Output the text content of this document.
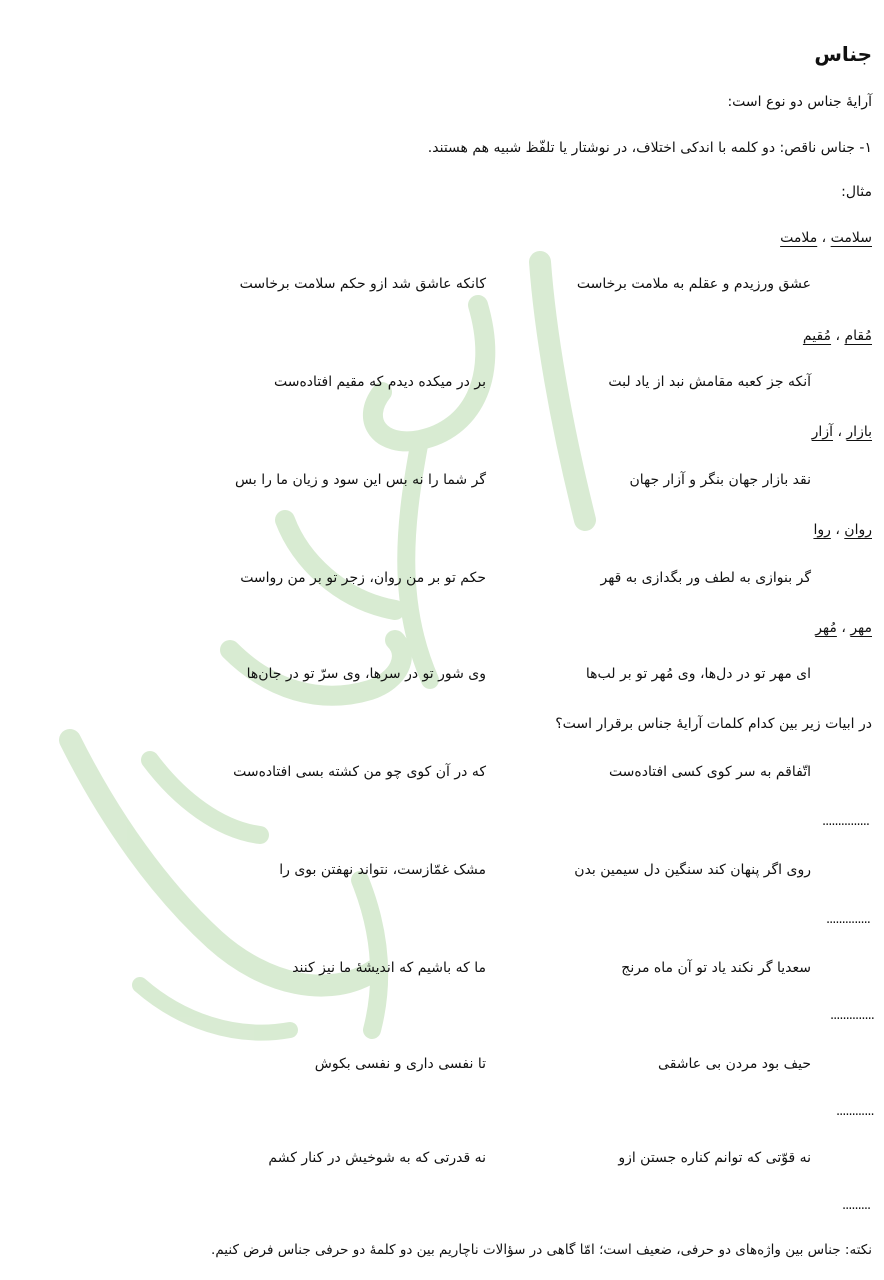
جناس
آرایۀ جناس دو نوع است:
۱- جناس ناقص: دو کلمه با اندکی اختلاف، در نوشتار یا تلفّظ شبیه هم هستند.
مثال:
سلامت ، ملامت
عشق ورزیدم و عقلم به ملامت برخاست
کانکه عاشق شد ازو حکم سلامت برخاست
مُقام ، مُقیم
آنکه جز کعبه مقامش نبد از یاد لبت
بر در میکده دیدم که مقیم افتاده‌ست
بازار ، آزار
نقد بازار جهان بنگر و آزار جهان
گر شما را نه بس این سود و زیان ما را بس
روان ، روا
گر بنوازی به لطف ور بگدازی به قهر
حکم تو بر من روان، زجر تو بر من رواست
مهر ، مُهر
ای مهر تو در دل‌ها، وی مُهر تو بر لب‌ها
وی شور تو در سرها، وی سرّ تو در جان‌ها
در ابیات زیر بین کدام کلمات آرایۀ جناس برقرار است؟
اتّفاقم به سر کوی کسی افتاده‌ست
که در آن کوی چو من کشته بسی افتاده‌ست
...............
روی اگر پنهان کند سنگین دل سیمین بدن
مشک غمّازست، نتواند نهفتن بوی را
..............
سعدیا گر نکند یاد تو آن ماه مرنج
ما که باشیم که اندیشۀ ما نیز کنند
..............
حیف بود مردن بی عاشقی
تا نفسی داری و نفسی بکوش
............
نه قوّتی که توانم کناره جستن ازو
نه قدرتی که به شوخیش در کنار کشم
.........
نکته: جناس بین واژه‌های دو حرفی، ضعیف است؛ امّا گاهی در سؤالات ناچاریم بین دو کلمۀ دو حرفی جناس فرض کنیم.
